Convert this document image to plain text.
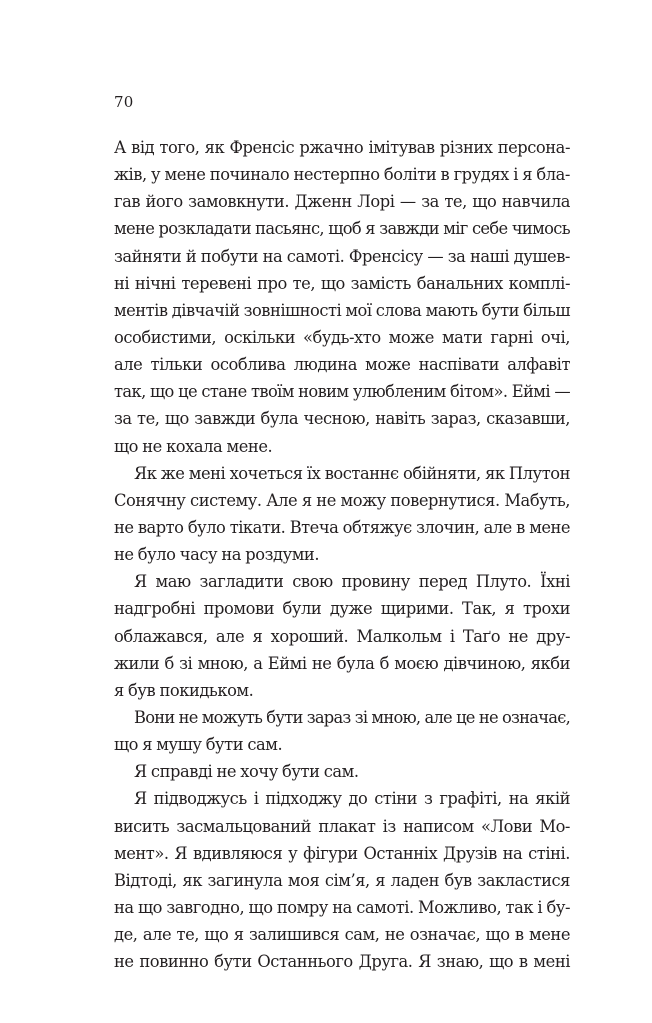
70
А від того, як Френсіс ржачно імітував різних персона-
жів, у мене починало нестерпно боліти в грудях і я бла-
гав його замовкнути. Дженн Лорі — за те, що навчила
мене розкладати пасьянс, щоб я завжди міг себе чимось
зайняти й побути на самоті. Френсісу — за наші душев-
ні нічні теревені про те, що замість банальних комплі-
ментів дівчачій зовнішності мої слова мають бути більш
особистими, оскільки «будь-хто може мати гарні очі,
але тільки особлива людина може наспівати алфавіт
так, що це стане твоїм новим улюбленим бітом». Еймі —
за те, що завжди була чесною, навіть зараз, сказавши,
що не кохала мене.
Як же мені хочеться їх востаннє обійняти, як Плутон
Сонячну систему. Але я не можу повернутися. Мабуть,
не варто було тікати. Втеча обтяжує злочин, але в мене
не було часу на роздуми.
Я маю загладити свою провину перед Плуто. Їхні
надгробні промови були дуже щирими. Так, я трохи
облажався, але я хороший. Малкольм і Таґо не дру-
жили б зі мною, а Еймі не була б моєю дівчиною, якби
я був покидьком.
Вони не можуть бути зараз зі мною, але це не означає,
що я мушу бути сам.
Я справді не хочу бути сам.
Я підводжусь і підходжу до стіни з графіті, на якій
висить засмальцований плакат із написом «Лови Мо-
мент». Я вдивляюся у фігури Останніх Друзів на стіні.
Відтоді, як загинула моя сім’я, я ладен був закластися
на що завгодно, що помру на самоті. Можливо, так і бу-
де, але те, що я залишився сам, не означає, що в мене
не повинно бути Останнього Друга. Я знаю, що в мені
